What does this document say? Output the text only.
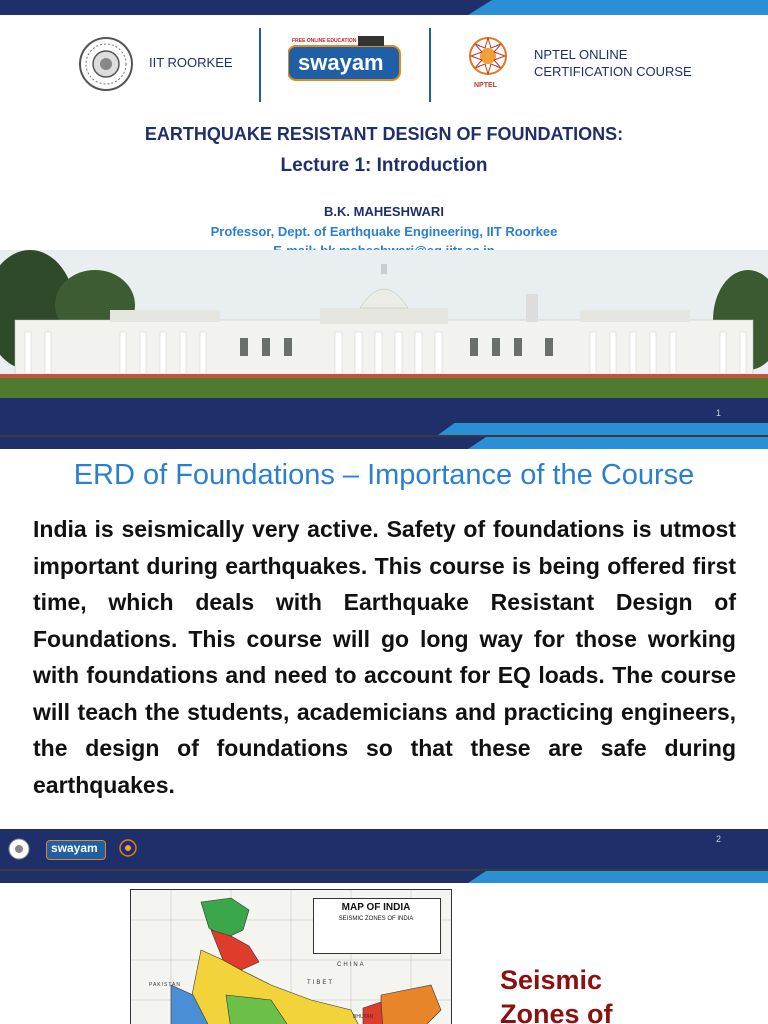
IIT ROORKEE
FREE ONLINE EDUCATION
swayam
NPTEL
NPTEL ONLINE
CERTIFICATION COURSE
EARTHQUAKE RESISTANT DESIGN OF FOUNDATIONS:
Lecture 1: Introduction
B.K. MAHESHWARI
Professor, Dept. of Earthquake Engineering, IIT Roorkee
1
ERD of Foundations – Importance of the Course
India is seismically very active. Safety of foundations is utmost important during earthquakes. This course is being offered first time, which deals with Earthquake Resistant Design of Foundations. This course will go long way for those working with foundations and need to account for EQ loads. The course will teach the students, academicians and practicing engineers, the design of foundations so that these are safe during earthquakes.
swayam
2
MAP OF INDIA
SEISMIC ZONES OF INDIA
CHINA
TIBET
PAKISTAN
BHUTAN
Seismic Zones of
